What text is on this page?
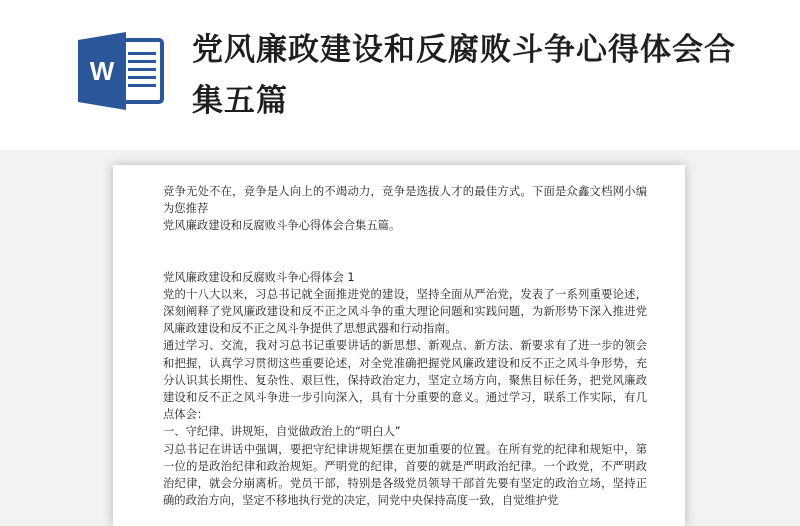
W
党风廉政建设和反腐败斗争心得体会合集五篇

竞争无处不在，竞争是人向上的不竭动力，竞争是选拔人才的最佳方式。下面是众鑫文档网小编为您推荐

党风廉政建设和反腐败斗争心得体会合集五篇。

党风廉政建设和反腐败斗争心得体会 1

党的十八大以来，习总书记就全面推进党的建设，坚持全面从严治党，发表了一系列重要论述，深刻阐释了党风廉政建设和反不正之风斗争的重大理论问题和实践问题，为新形势下深入推进党风廉政建设和反不正之风斗争提供了思想武器和行动指南。

通过学习、交流，我对习总书记重要讲话的新思想、新观点、新方法、新要求有了进一步的领会和把握，认真学习贯彻这些重要论述，对全党准确把握党风廉政建设和反不正之风斗争形势，充分认识其长期性、复杂性、艰巨性，保持政治定力，坚定立场方向，聚焦目标任务，把党风廉政建设和反不正之风斗争进一步引向深入，具有十分重要的意义。通过学习，联系工作实际，有几点体会：

一、守纪律、讲规矩，自觉做政治上的“明白人”

习总书记在讲话中强调，要把守纪律讲规矩摆在更加重要的位置。在所有党的纪律和规矩中，第一位的是政治纪律和政治规矩。严明党的纪律，首要的就是严明政治纪律。一个政党，不严明政治纪律，就会分崩离析。党员干部，特别是各级党员领导干部首先要有坚定的政治立场，坚持正确的政治方向，坚定不移地执行党的决定，同党中央保持高度一致，自觉维护党
